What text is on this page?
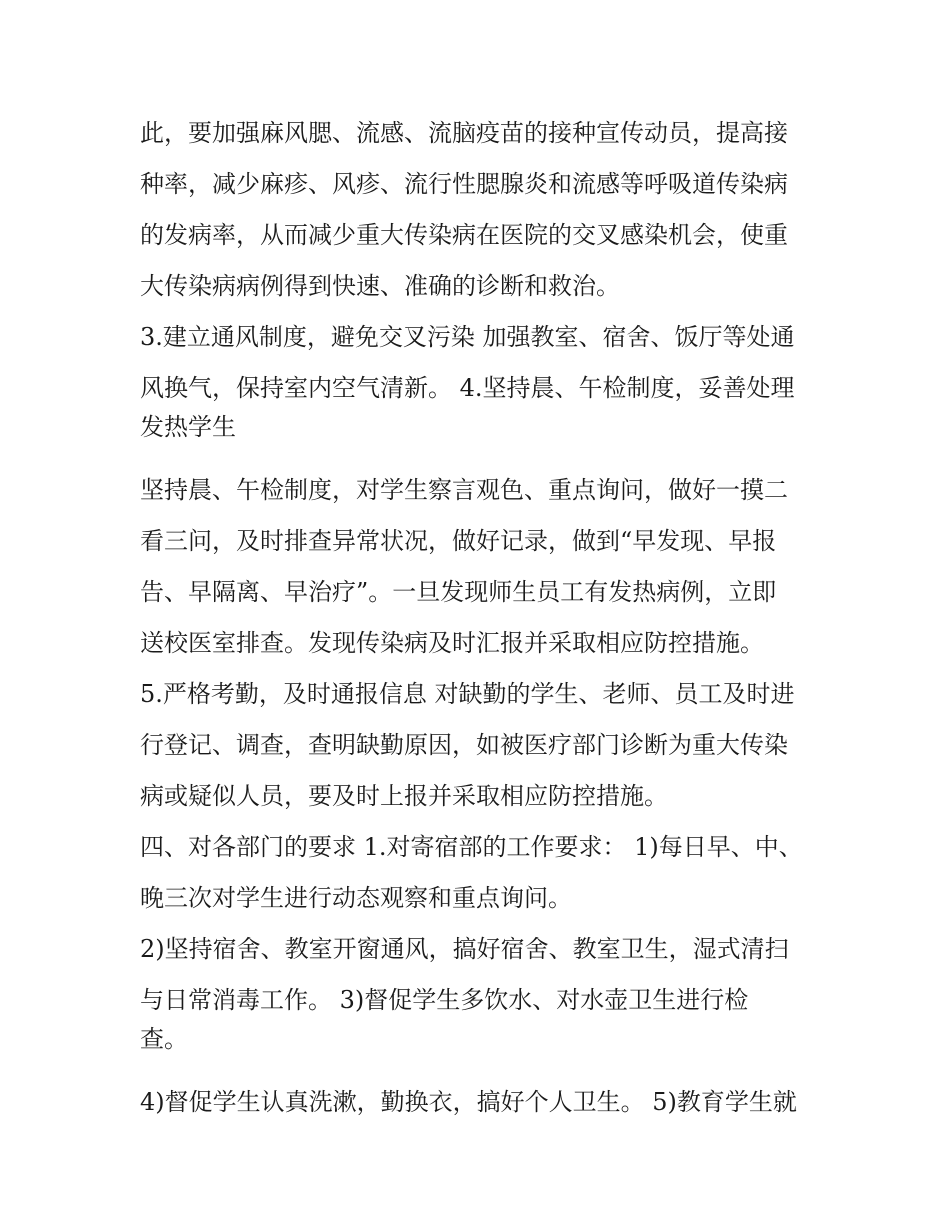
此，要加强麻风腮、流感、流脑疫苗的接种宣传动员，提高接
种率，减少麻疹、风疹、流行性腮腺炎和流感等呼吸道传染病
的发病率，从而减少重大传染病在医院的交叉感染机会，使重
大传染病病例得到快速、准确的诊断和救治。
3.建立通风制度，避免交叉污染 加强教室、宿舍、饭厅等处通
风换气，保持室内空气清新。 4.坚持晨、午检制度，妥善处理
发热学生
坚持晨、午检制度，对学生察言观色、重点询问，做好一摸二
看三问，及时排查异常状况，做好记录，做到“早发现、早报
告、早隔离、早治疗”。一旦发现师生员工有发热病例，立即
送校医室排查。发现传染病及时汇报并采取相应防控措施。
5.严格考勤，及时通报信息 对缺勤的学生、老师、员工及时进
行登记、调查，查明缺勤原因，如被医疗部门诊断为重大传染
病或疑似人员，要及时上报并采取相应防控措施。
四、对各部门的要求 1.对寄宿部的工作要求： 1)每日早、中、
晚三次对学生进行动态观察和重点询问。
2)坚持宿舍、教室开窗通风，搞好宿舍、教室卫生，湿式清扫
与日常消毒工作。 3)督促学生多饮水、对水壶卫生进行检
查。
4)督促学生认真洗漱，勤换衣，搞好个人卫生。 5)教育学生就
